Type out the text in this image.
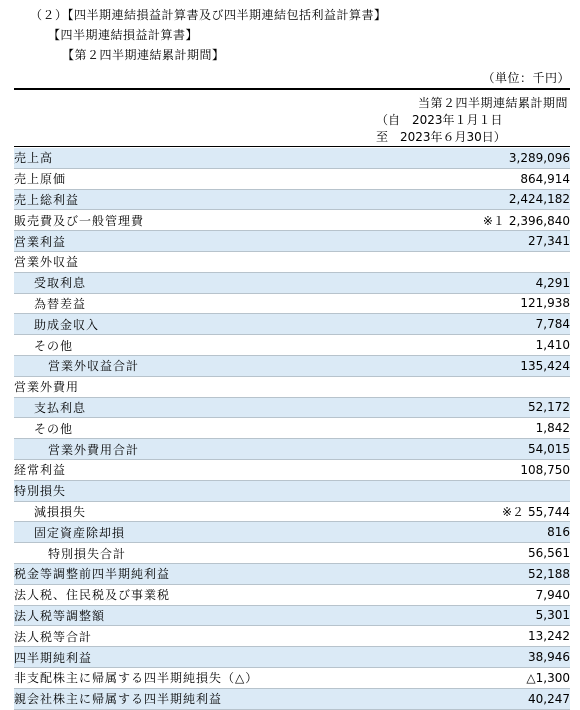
（２）【四半期連結損益計算書及び四半期連結包括利益計算書】
【四半期連結損益計算書】
【第２四半期連結累計期間】
（単位：千円）
当第２四半期連結累計期間
（自　2023年１月１日
至　2023年６月30日）
売上高	3,289,096
売上原価	864,914
売上総利益	2,424,182
販売費及び一般管理費	※１ 2,396,840
営業利益	27,341
営業外収益	
受取利息	4,291
為替差益	121,938
助成金収入	7,784
その他	1,410
営業外収益合計	135,424
営業外費用	
支払利息	52,172
その他	1,842
営業外費用合計	54,015
経常利益	108,750
特別損失	
減損損失	※２ 55,744
固定資産除却損	816
特別損失合計	56,561
税金等調整前四半期純利益	52,188
法人税、住民税及び事業税	7,940
法人税等調整額	5,301
法人税等合計	13,242
四半期純利益	38,946
非支配株主に帰属する四半期純損失（△）	△1,300
親会社株主に帰属する四半期純利益	40,247
